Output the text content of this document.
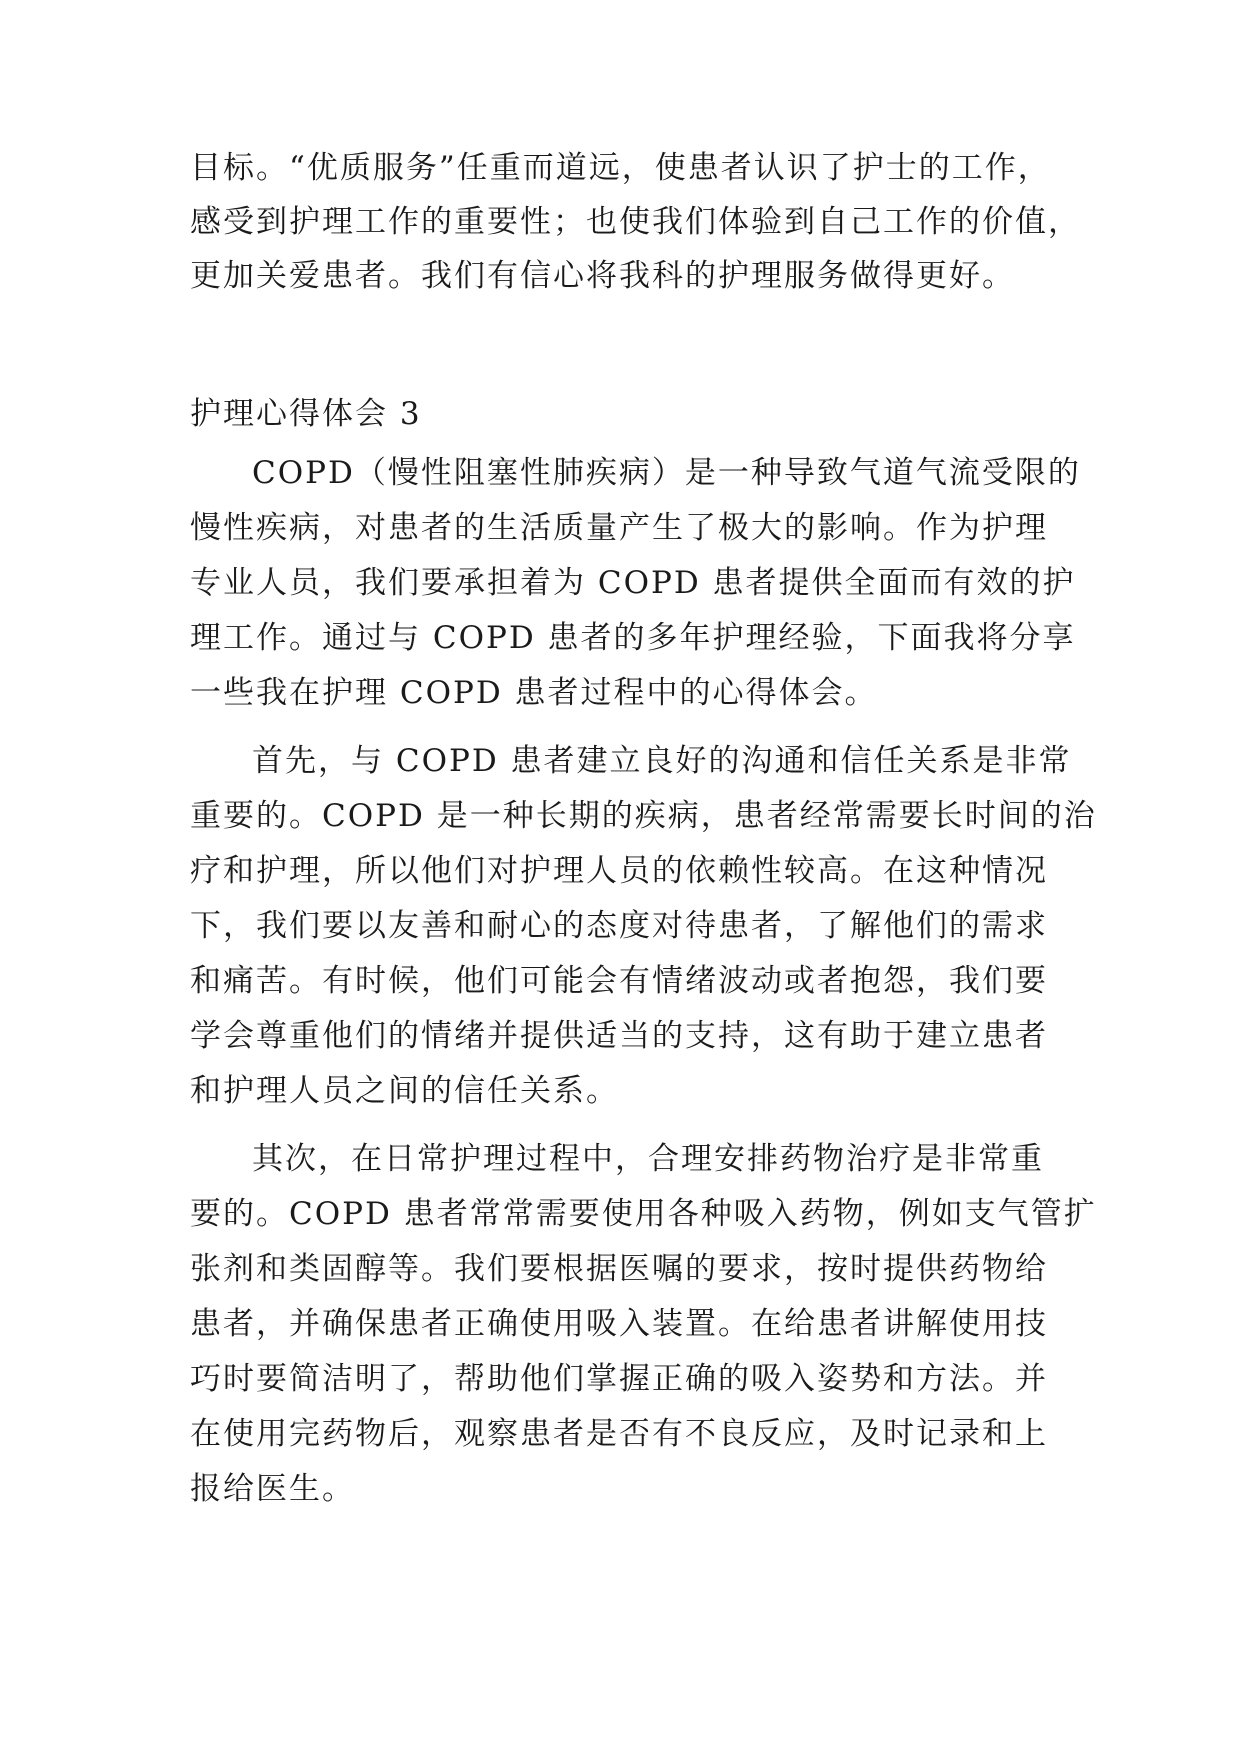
目标。“优质服务”任重而道远，使患者认识了护士的工作，
感受到护理工作的重要性；也使我们体验到自己工作的价值，
更加关爱患者。我们有信心将我科的护理服务做得更好。
护理心得体会 3
COPD（慢性阻塞性肺疾病）是一种导致气道气流受限的
慢性疾病，对患者的生活质量产生了极大的影响。作为护理
专业人员，我们要承担着为 COPD 患者提供全面而有效的护
理工作。通过与 COPD 患者的多年护理经验，下面我将分享
一些我在护理 COPD 患者过程中的心得体会。
首先，与 COPD 患者建立良好的沟通和信任关系是非常
重要的。COPD 是一种长期的疾病，患者经常需要长时间的治
疗和护理，所以他们对护理人员的依赖性较高。在这种情况
下，我们要以友善和耐心的态度对待患者，了解他们的需求
和痛苦。有时候，他们可能会有情绪波动或者抱怨，我们要
学会尊重他们的情绪并提供适当的支持，这有助于建立患者
和护理人员之间的信任关系。
其次，在日常护理过程中，合理安排药物治疗是非常重
要的。COPD 患者常常需要使用各种吸入药物，例如支气管扩
张剂和类固醇等。我们要根据医嘱的要求，按时提供药物给
患者，并确保患者正确使用吸入装置。在给患者讲解使用技
巧时要简洁明了，帮助他们掌握正确的吸入姿势和方法。并
在使用完药物后，观察患者是否有不良反应，及时记录和上
报给医生。
